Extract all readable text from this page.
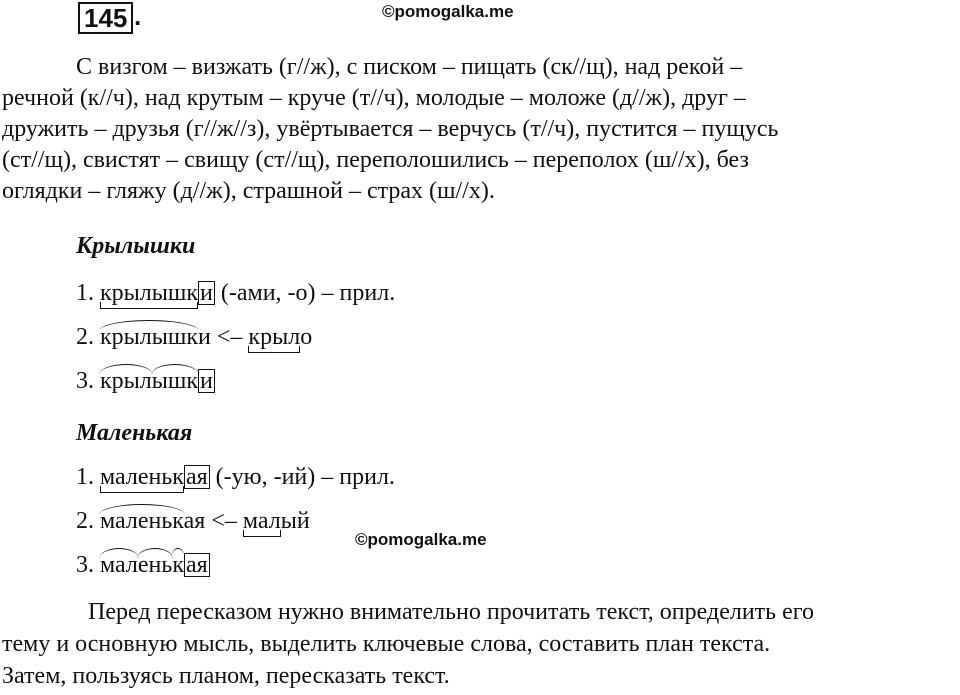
145 .	©pomogalka.me
С визгом – визжать (г//ж), с писком – пищать (ск//щ), над рекой –
речной (к//ч), над крутым – круче (т//ч), молодые – моложе (д//ж), друг –
дружить – друзья (г//ж//з), увёртывается – верчусь (т//ч), пустится – пущусь
(ст//щ), свистят – свищу (ст//щ), переполошились – переполох (ш//х), без
оглядки – гляжу (д//ж), страшной – страх (ш//х).
Крылышки
1. крылышки (-ами, -о) – прил.
2. крылышки <– крыло
3. крылышки
Маленькая
1. маленькая (-ую, -ий) – прил.
2. маленькая <– малый
©pomogalka.me
3. маленькая
Перед пересказом нужно внимательно прочитать текст, определить его
тему и основную мысль, выделить ключевые слова, составить план текста.
Затем, пользуясь планом, пересказать текст.
